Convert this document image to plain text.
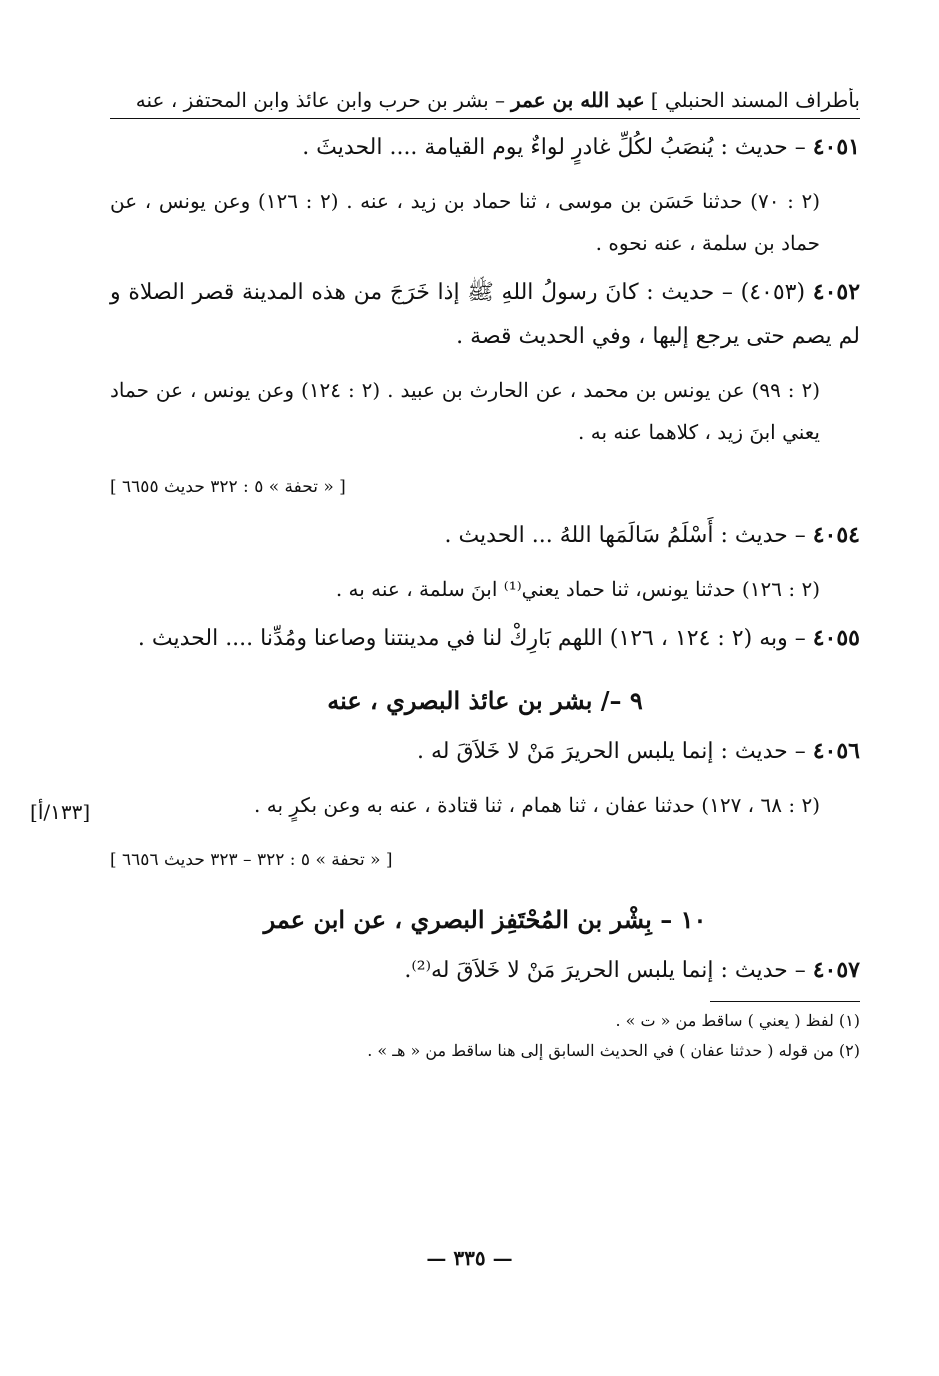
بأطراف المسند الحنبلي ]
عبد الله بن عمر
– بشر بن حرب وابن عائذ وابن المحتفز ، عنه
٤٠٥١ – حديث : يُنصَبُ لكُلِّ غادرٍ لواءٌ يوم القيامة .... الحديثَ .
(٢ : ٧٠) حدثنا حَسَن بن موسى ، ثنا حماد بن زيد ، عنه . (٢ : ١٢٦) وعن يونس ، عن حماد بن سلمة ، عنه نحوه .
٤٠٥٢ (٤٠٥٣) – حديث : كانَ رسولُ اللهِ ﷺ إذا خَرَجَ من هذه المدينة قصر الصلاة و لم يصم حتى يرجع إليها ، وفي الحديث قصة .
(٢ : ٩٩) عن يونس بن محمد ، عن الحارث بن عبيد . (٢ : ١٢٤) وعن يونس ، عن حماد يعني ابنَ زيد ، كلاهما عنه به .
[ « تحفة » ٥ : ٣٢٢ حديث ٦٦٥٥ ]
٤٠٥٤ – حديث : أَسْلَمُ سَالَمَها اللهُ ... الحديث .
(٢ : ١٢٦) حدثنا يونس، ثنا حماد يعني⁽¹⁾ ابنَ سلمة ، عنه به .
٤٠٥٥ – وبه (٢ : ١٢٤ ، ١٢٦) اللهم بَارِكْ لنا في مدينتنا وصاعنا ومُدِّنا .... الحديث .
٩ –/ بشر بن عائذ البصري ، عنه
٤٠٥٦ – حديث : إنما يلبس الحريرَ مَنْ لا خَلاَقَ له .
(٢ : ٦٨ ، ١٢٧) حدثنا عفان ، ثنا همام ، ثنا قتادة ، عنه به وعن بكرٍ به .
[ « تحفة » ٥ : ٣٢٢ – ٣٢٣ حديث ٦٦٥٦ ]
١٠ – بِشْر بن المُحْتَفِز البصري ، عن ابن عمر
٤٠٥٧ – حديث : إنما يلبس الحريرَ مَنْ لا خَلاَقَ له⁽²⁾.
(١) لفظ ( يعني ) ساقط من « ت » .
(٢) من قوله ( حدثنا عفان ) في الحديث السابق إلى هنا ساقط من « هـ » .
[١٣٣/أ]
— ٣٣٥ —
